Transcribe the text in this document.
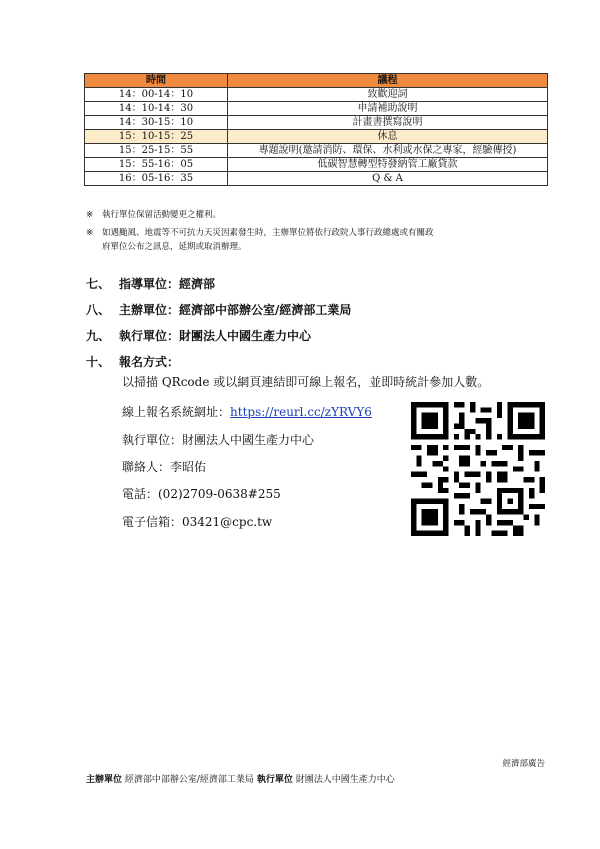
時間	議程
14：00-14：10	致歡迎詞
14：10-14：30	申請補助說明
14：30-15：10	計畫書撰寫說明
15：10-15：25	休息
15：25-15：55	專題說明(邀請消防、環保、水利或水保之專家，經驗傳授)
15：55-16：05	低碳智慧轉型特發納管工廠貸款
16：05-16：35	Q & A
※ 執行單位保留活動變更之權利。
※ 如遇颱風、地震等不可抗力天災因素發生時，主辦單位將依行政院人事行政總處或有關政
府單位公布之訊息，延期或取消辦理。
七、 指導單位：經濟部
八、 主辦單位：經濟部中部辦公室/經濟部工業局
九、 執行單位：財團法人中國生產力中心
十、 報名方式：
以掃描 QRcode 或以網頁連結即可線上報名，並即時統計參加人數。
線上報名系統網址：https://reurl.cc/zYRVY6
執行單位：財團法人中國生產力中心
聯絡人：李昭佑
電話：(02)2709-0638#255
電子信箱：03421@cpc.tw
經濟部廣告
主辦單位 經濟部中部辦公室/經濟部工業局 執行單位 財團法人中國生產力中心
